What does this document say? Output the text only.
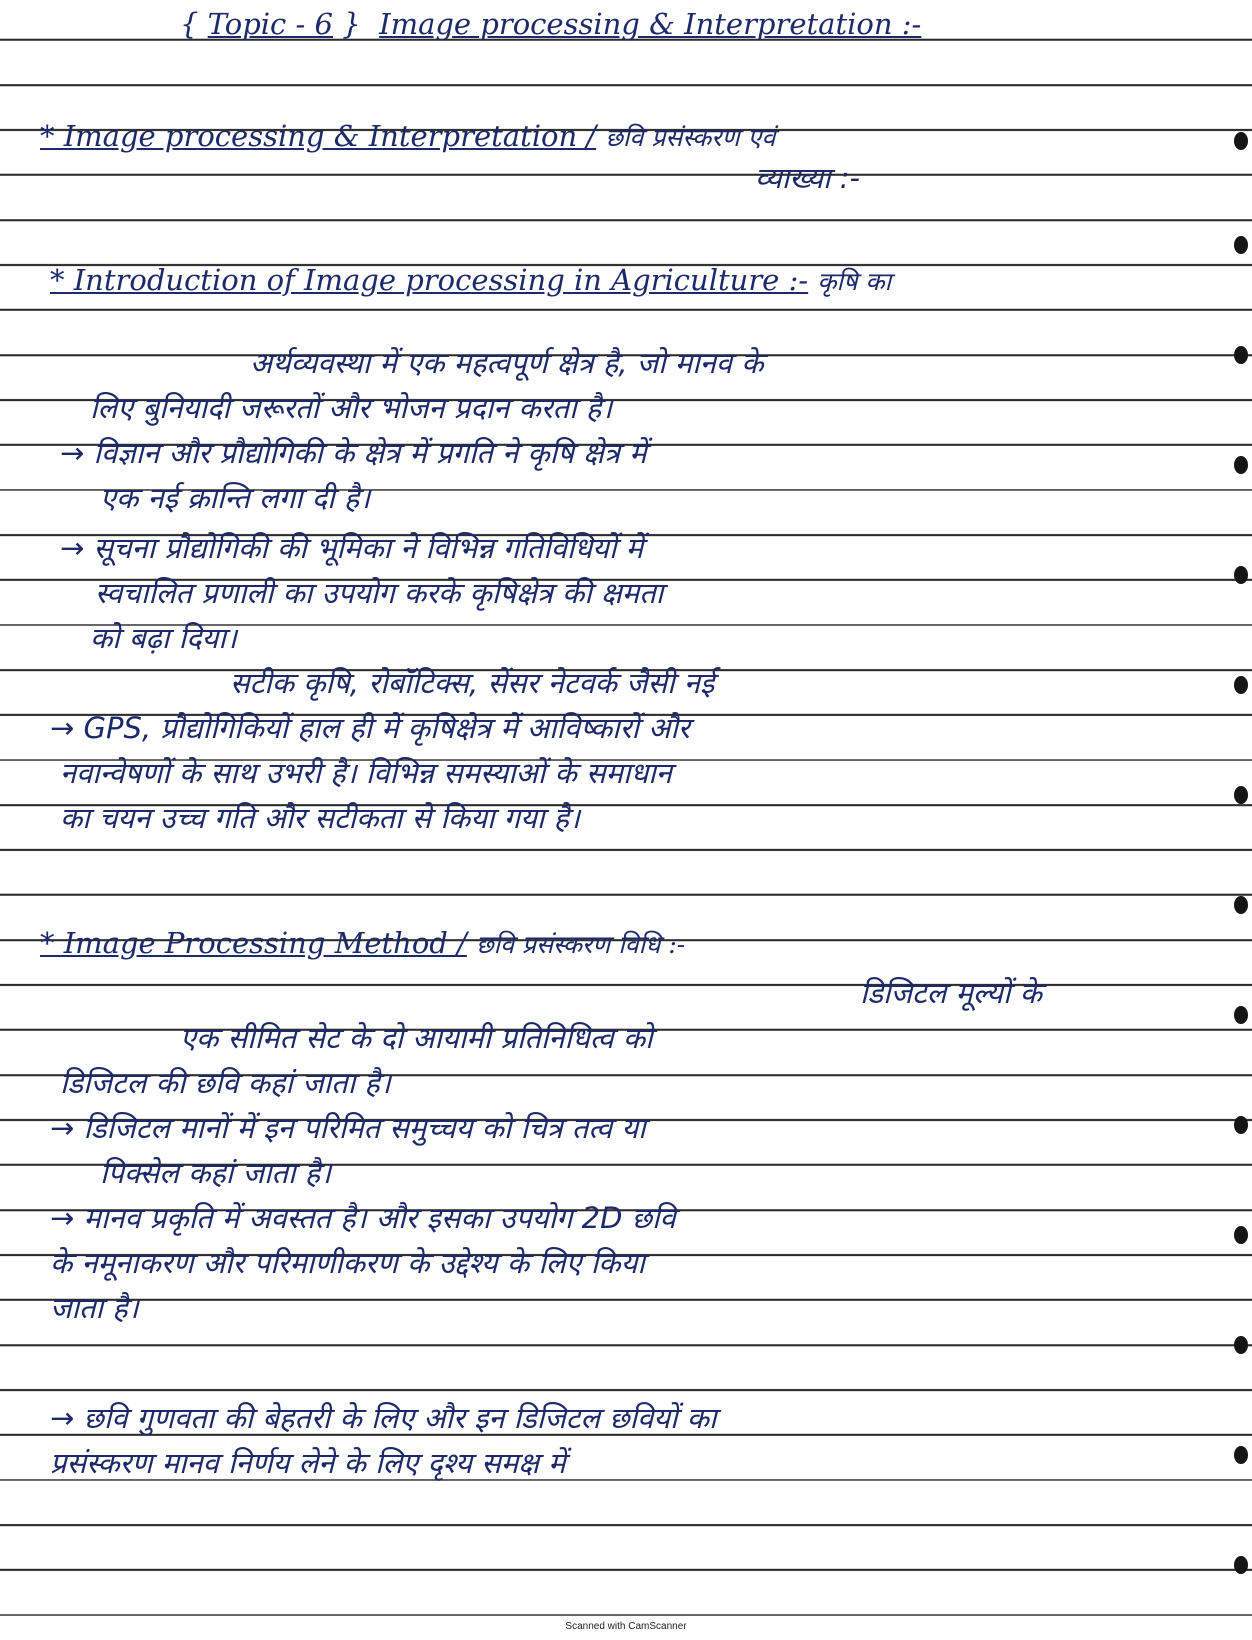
{ Topic - 6 }  Image processing & Interpretation :-
* Image processing & Interpretation / छवि प्रसंस्करण एवं
व्याख्या :-
* Introduction of Image processing in Agriculture :- कृषि का
अर्थव्यवस्था में एक महत्वपूर्ण क्षेत्र है, जो मानव के
लिए बुनियादी जरूरतों और भोजन प्रदान करता है।
→ विज्ञान और प्रौद्योगिकी के क्षेत्र में प्रगति ने कृषि क्षेत्र में
एक नई क्रान्ति लगा दी है।
→ सूचना प्रौद्योगिकी की भूमिका ने विभिन्न गतिविधियों में
स्वचालित प्रणाली का उपयोग करके कृषिक्षेत्र की क्षमता
को बढ़ा दिया।
सटीक कृषि, रोबॉटिक्स, सेंसर नेटवर्क जैसी नई
→ GPS, प्रौद्योगिकियों हाल ही में कृषिक्षेत्र में आविष्कारों और
नवान्वेषणों के साथ उभरी है। विभिन्न समस्याओं के समाधान
का चयन उच्च गति और सटीकता से किया गया है।
* Image Processing Method / छवि प्रसंस्करण विधि :-
डिजिटल मूल्यों के
एक सीमित सेट के दो आयामी प्रतिनिधित्व को
डिजिटल की छवि कहां जाता है।
→ डिजिटल मानों में इन परिमित समुच्चय को चित्र तत्व या
पिक्सेल कहां जाता है।
→ मानव प्रकृति में अवस्तत है। और इसका उपयोग 2D छवि
के नमूनाकरण और परिमाणीकरण के उद्देश्य के लिए किया
जाता है।
→ छवि गुणवता की बेहतरी के लिए और इन डिजिटल छवियों का
प्रसंस्करण मानव निर्णय लेने के लिए दृश्य समक्ष में
Scanned with CamScanner
